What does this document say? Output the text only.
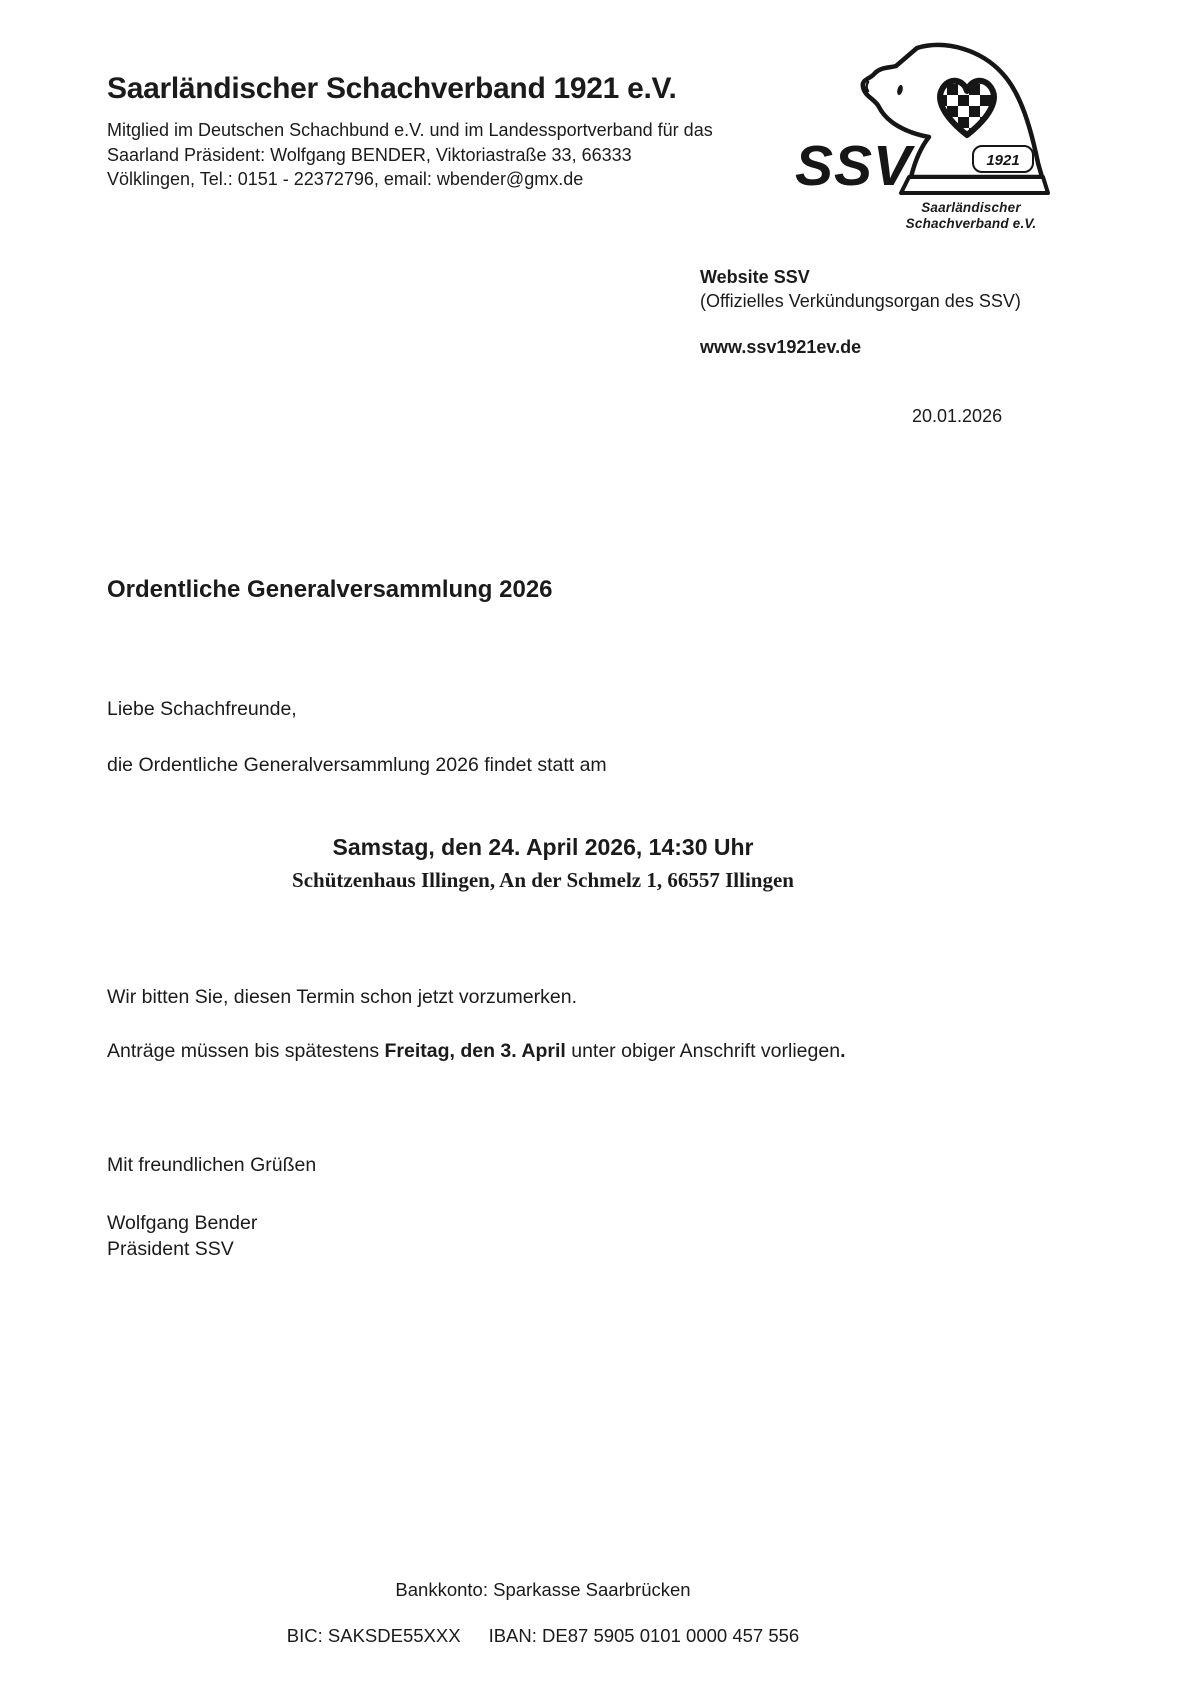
Saarländischer Schachverband 1921 e.V.
Mitglied im Deutschen Schachbund e.V. und im Landessportverband für das
Saarland Präsident: Wolfgang BENDER, Viktoriastraße 33, 66333
Völklingen, Tel.: 0151 - 22372796, email: wbender@gmx.de
1921
SSV
Saarländischer
Schachverband e.V.
Website SSV
(Offizielles Verkündungsorgan des SSV)
www.ssv1921ev.de
20.01.2026
Ordentliche Generalversammlung 2026
Liebe Schachfreunde,
die Ordentliche Generalversammlung 2026 findet statt am
Samstag, den 24. April 2026, 14:30 Uhr
Schützenhaus Illingen, An der Schmelz 1, 66557 Illingen
Wir bitten Sie, diesen Termin schon jetzt vorzumerken.
Anträge müssen bis spätestens Freitag, den 3. April unter obiger Anschrift vorliegen.
Mit freundlichen Grüßen
Wolfgang Bender
Präsident SSV
Bankkonto: Sparkasse Saarbrücken
BIC: SAKSDE55XXX IBAN: DE87 5905 0101 0000 457 556
